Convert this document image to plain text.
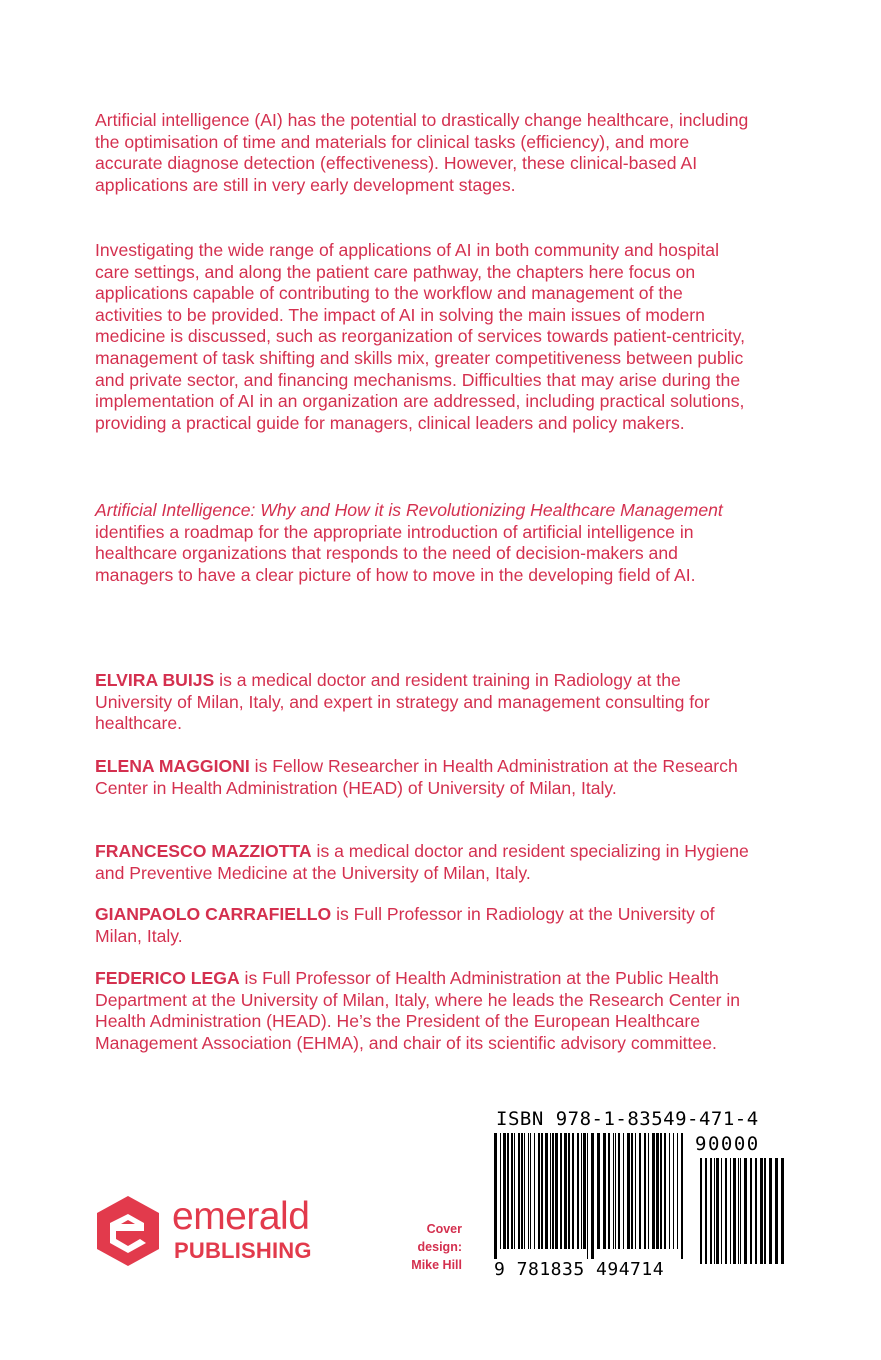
Artificial intelligence (AI) has the potential to drastically change healthcare, including the optimisation of time and materials for clinical tasks (efficiency), and more accurate diagnose detection (effectiveness). However, these clinical-based AI applications are still in very early development stages.

Investigating the wide range of applications of AI in both community and hospital care settings, and along the patient care pathway, the chapters here focus on applications capable of contributing to the workflow and management of the activities to be provided. The impact of AI in solving the main issues of modern medicine is discussed, such as reorganization of services towards patient-centricity, management of task shifting and skills mix, greater competitiveness between public and private sector, and financing mechanisms. Difficulties that may arise during the implementation of AI in an organization are addressed, including practical solutions, providing a practical guide for managers, clinical leaders and policy makers.

Artificial Intelligence: Why and How it is Revolutionizing Healthcare Management identifies a roadmap for the appropriate introduction of artificial intelligence in healthcare organizations that responds to the need of decision-makers and managers to have a clear picture of how to move in the developing field of AI.

ELVIRA BUIJS is a medical doctor and resident training in Radiology at the University of Milan, Italy, and expert in strategy and management consulting for healthcare.

ELENA MAGGIONI is Fellow Researcher in Health Administration at the Research Center in Health Administration (HEAD) of University of Milan, Italy.

FRANCESCO MAZZIOTTA is a medical doctor and resident specializing in Hygiene and Preventive Medicine at the University of Milan, Italy.

GIANPAOLO CARRAFIELLO is Full Professor in Radiology at the University of Milan, Italy.

FEDERICO LEGA is Full Professor of Health Administration at the Public Health Department at the University of Milan, Italy, where he leads the Research Center in Health Administration (HEAD). He’s the President of the European Healthcare Management Association (EHMA), and chair of its scientific advisory committee.

emerald
PUBLISHING
Cover
design:
Mike Hill
ISBN 978-1-83549-471-4
90000
9 781835 494714
